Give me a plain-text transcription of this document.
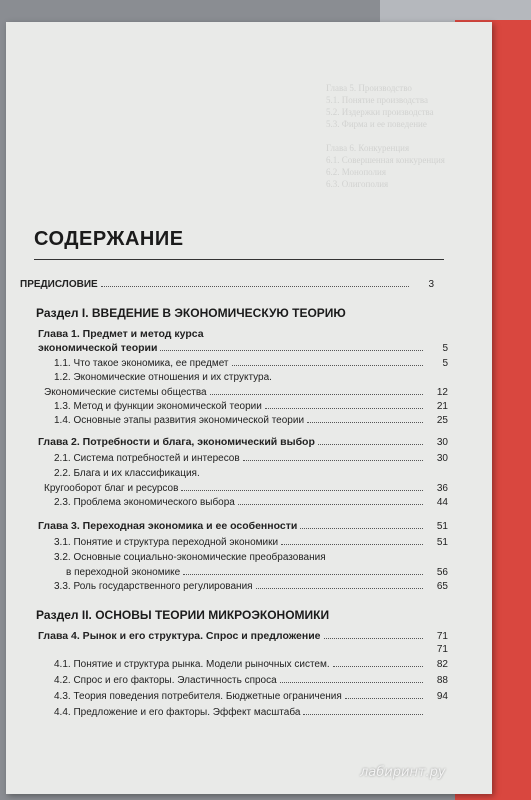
Глава 5. Производство
5.1. Понятие производства
5.2. Издержки производства
5.3. Фирма и ее поведение

Глава 6. Конкуренция
6.1. Совершенная конкуренция
6.2. Монополия
6.3. Олигополия

СОДЕРЖАНИЕ
ПРЕДИСЛОВИЕ	3
Раздел I. ВВЕДЕНИЕ В ЭКОНОМИЧЕСКУЮ ТЕОРИЮ
Глава 1. Предмет и метод курса
экономической теории	5
1.1. Что такое экономика, ее предмет	5
1.2. Экономические отношения и их структура.
Экономические системы общества	12
1.3. Метод и функции экономической теории	21
1.4. Основные этапы развития экономической теории	25
Глава 2. Потребности и блага, экономический выбор	30
2.1. Система потребностей и интересов	30
2.2. Блага и их классификация.
Кругооборот благ и ресурсов	36
2.3. Проблема экономического выбора	44
Глава 3. Переходная экономика и ее особенности	51
3.1. Понятие и структура переходной экономики	51
3.2. Основные социально-экономические преобразования
в переходной экономике	56
3.3. Роль государственного регулирования	65
Раздел II. ОСНОВЫ ТЕОРИИ МИКРОЭКОНОМИКИ
Глава 4. Рынок и его структура. Спрос и предложение	71
71
4.1. Понятие и структура рынка. Модели рыночных систем.	82
4.2. Спрос и его факторы. Эластичность спроса	88
4.3. Теория поведения потребителя. Бюджетные ограничения	94
4.4. Предложение и его факторы. Эффект масштаба
лабиринт.ру
